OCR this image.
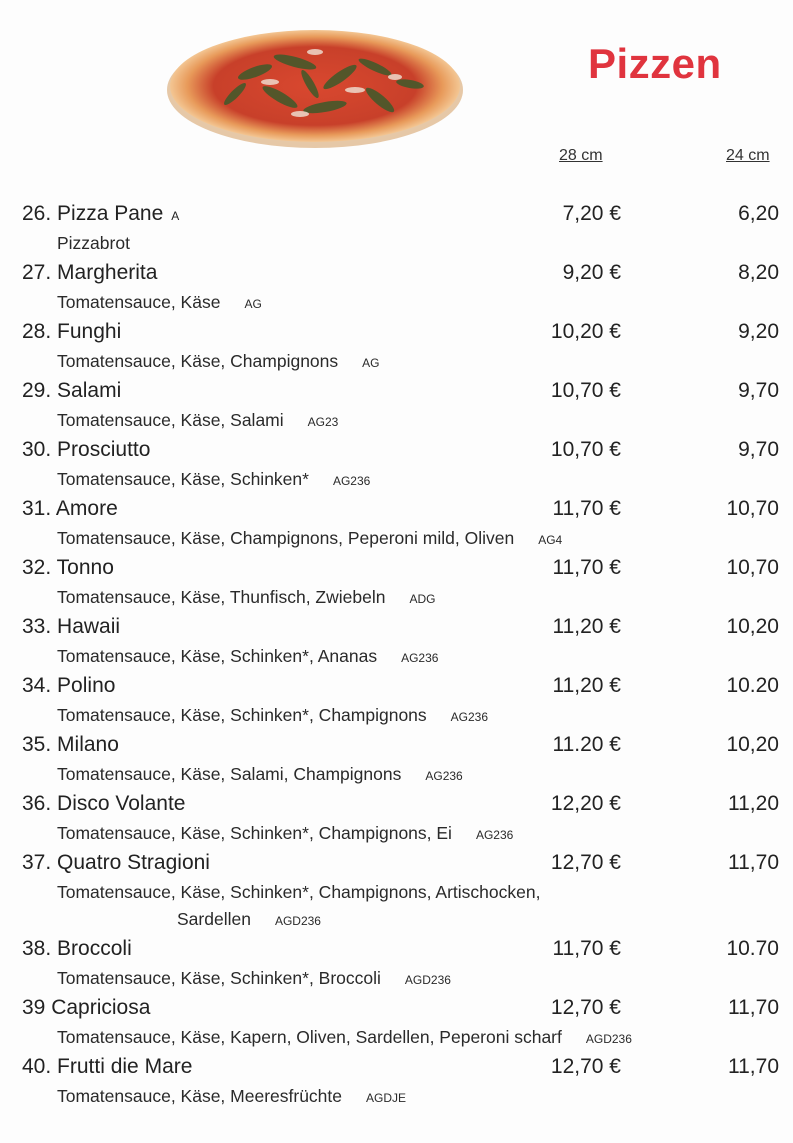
Pizzen
28 cm	24 cm
26. Pizza Pane A	7,20 €	6,20
Pizzabrot
27. Margherita	9,20 €	8,20
Tomatensauce, Käse AG
28. Funghi	10,20 €	9,20
Tomatensauce, Käse, Champignons AG
29. Salami	10,70 €	9,70
Tomatensauce, Käse, Salami AG23
30. Prosciutto	10,70 €	9,70
Tomatensauce, Käse, Schinken* AG236
31. Amore	11,70 €	10,70
Tomatensauce, Käse, Champignons, Peperoni mild, Oliven AG4
32. Tonno	11,70 €	10,70
Tomatensauce, Käse, Thunfisch, Zwiebeln ADG
33. Hawaii	11,20 €	10,20
Tomatensauce, Käse, Schinken*, Ananas AG236
34. Polino	11,20 €	10.20
Tomatensauce, Käse, Schinken*, Champignons AG236
35. Milano	11.20 €	10,20
Tomatensauce, Käse, Salami, Champignons AG236
36. Disco Volante	12,20 €	11,20
Tomatensauce, Käse, Schinken*, Champignons, Ei AG236
37. Quatro Stragioni	12,70 €	11,70
Tomatensauce, Käse, Schinken*, Champignons, Artischocken,
Sardellen AGD236
38. Broccoli	11,70 €	10.70
Tomatensauce, Käse, Schinken*, Broccoli AGD236
39 Capriciosa	12,70 €	11,70
Tomatensauce, Käse, Kapern, Oliven, Sardellen, Peperoni scharf AGD236
40. Frutti die Mare	12,70 €	11,70
Tomatensauce, Käse, Meeresfrüchte AGDJE
